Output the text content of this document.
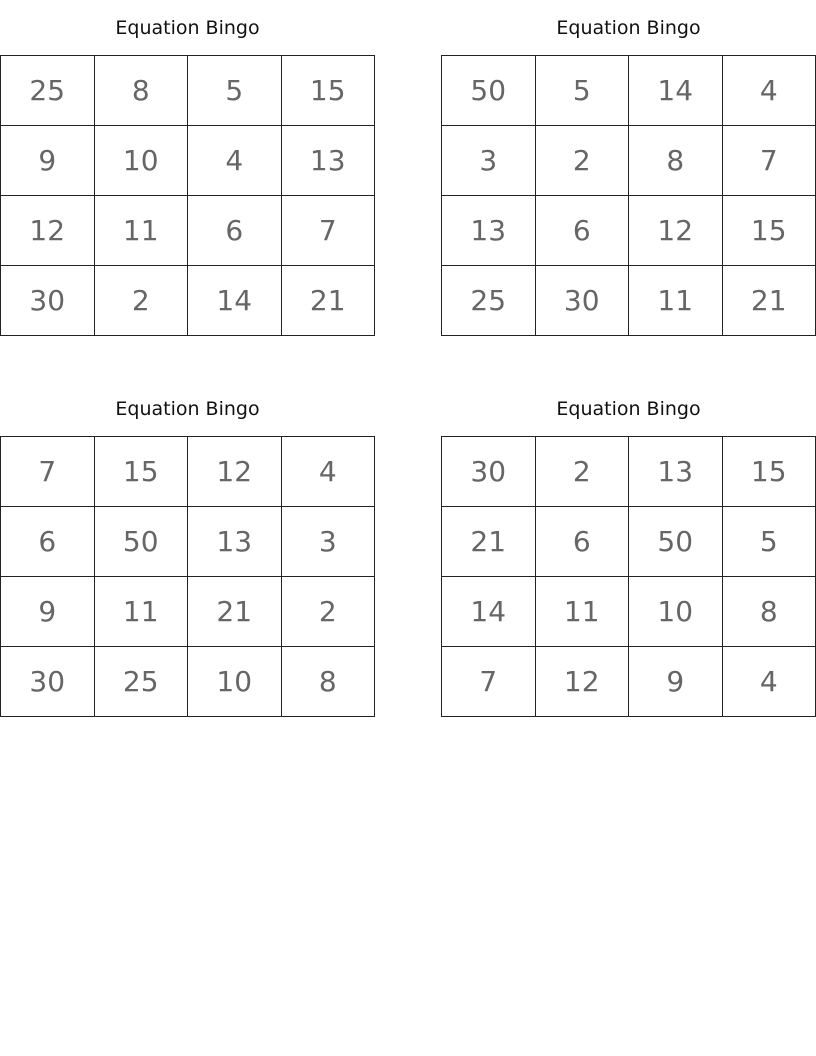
Equation Bingo
25	8	5	15
9	10	4	13
12	11	6	7
30	2	14	21
Equation Bingo
50	5	14	4
3	2	8	7
13	6	12	15
25	30	11	21
Equation Bingo
7	15	12	4
6	50	13	3
9	11	21	2
30	25	10	8
Equation Bingo
30	2	13	15
21	6	50	5
14	11	10	8
7	12	9	4
